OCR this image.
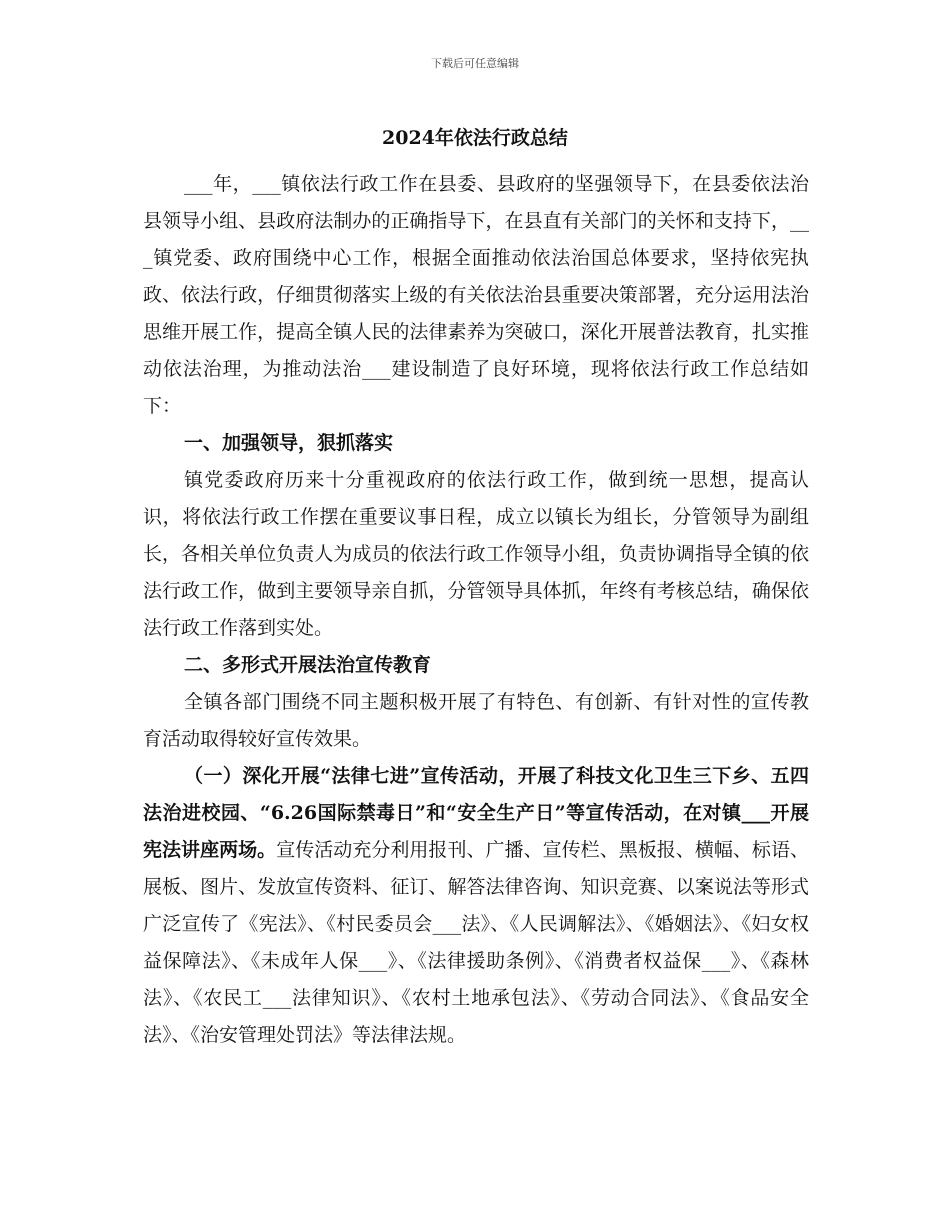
下载后可任意编辑
2024年依法行政总结

___年，___镇依法行政工作在县委、县政府的坚强领导下，在县委依法治县领导小组、县政府法制办的正确指导下，在县直有关部门的关怀和支持下，___镇党委、政府围绕中心工作，根据全面推动依法治国总体要求，坚持依宪执政、依法行政，仔细贯彻落实上级的有关依法治县重要决策部署，充分运用法治思维开展工作，提高全镇人民的法律素养为突破口，深化开展普法教育，扎实推动依法治理，为推动法治___建设制造了良好环境，现将依法行政工作总结如下：

一、加强领导，狠抓落实

镇党委政府历来十分重视政府的依法行政工作，做到统一思想，提高认识，将依法行政工作摆在重要议事日程，成立以镇长为组长，分管领导为副组长，各相关单位负责人为成员的依法行政工作领导小组，负责协调指导全镇的依法行政工作，做到主要领导亲自抓，分管领导具体抓，年终有考核总结，确保依法行政工作落到实处。

二、多形式开展法治宣传教育

全镇各部门围绕不同主题积极开展了有特色、有创新、有针对性的宣传教育活动取得较好宣传效果。

（一）深化开展“法律七进”宣传活动，开展了科技文化卫生三下乡、五四法治进校园、“6.26国际禁毒日”和“安全生产日”等宣传活动，在对镇___开展宪法讲座两场。宣传活动充分利用报刊、广播、宣传栏、黑板报、横幅、标语、展板、图片、发放宣传资料、征订、解答法律咨询、知识竞赛、以案说法等形式广泛宣传了《宪法》、《村民委员会___法》、《人民调解法》、《婚姻法》、《妇女权益保障法》、《未成年人保___》、《法律援助条例》、《消费者权益保___》、《森林法》、《农民工___法律知识》、《农村土地承包法》、《劳动合同法》、《食品安全法》、《治安管理处罚法》等法律法规。
